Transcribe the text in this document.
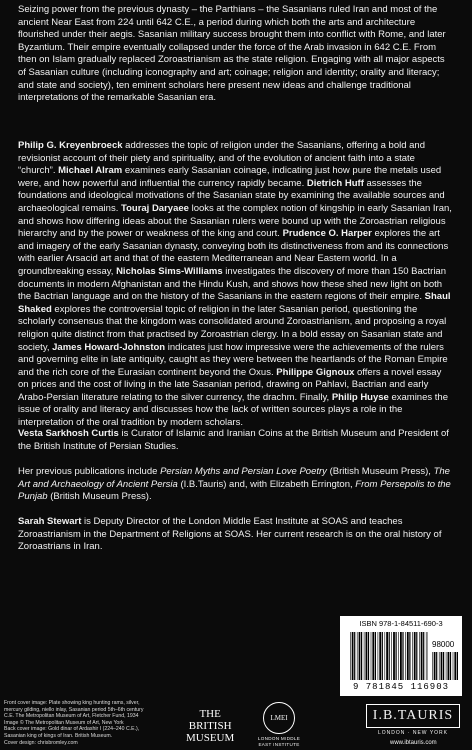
Seizing power from the previous dynasty – the Parthians – the Sasanians ruled Iran and most of the ancient Near East from 224 until 642 C.E., a period during which both the arts and architecture flourished under their aegis. Sasanian military success brought them into conflict with Rome, and later Byzantium. Their empire eventually collapsed under the force of the Arab invasion in 642 C.E. From then on Islam gradually replaced Zoroastrianism as the state religion. Engaging with all major aspects of Sasanian culture (including iconography and art; coinage; religion and identity; orality and literacy; and state and society), ten eminent scholars here present new ideas and challenge traditional interpretations of the remarkable Sasanian era.

Philip G. Kreyenbroeck addresses the topic of religion under the Sasanians, offering a bold and revisionist account of their piety and spirituality, and of the evolution of ancient faith into a state “church”. Michael Alram examines early Sasanian coinage, indicating just how pure the metals used were, and how powerful and influential the currency rapidly became. Dietrich Huff assesses the foundations and ideological motivations of the Sasanian state by examining the available sources and archaeological remains. Touraj Daryaee looks at the complex notion of kingship in early Sasanian Iran, and shows how differing ideas about the Sasanian rulers were bound up with the Zoroastrian religious hierarchy and by the power or weakness of the king and court. Prudence O. Harper explores the art and imagery of the early Sasanian dynasty, conveying both its distinctiveness from and its connections with earlier Arsacid art and that of the eastern Mediterranean and Near Eastern world. In a groundbreaking essay, Nicholas Sims-Williams investigates the discovery of more than 150 Bactrian documents in modern Afghanistan and the Hindu Kush, and shows how these shed new light on both the Bactrian language and on the history of the Sasanians in the eastern regions of their empire. Shaul Shaked explores the controversial topic of religion in the later Sasanian period, questioning the scholarly consensus that the kingdom was consolidated around Zoroastrianism, and proposing a royal religion quite distinct from that practised by Zoroastrian clergy. In a bold essay on Sasanian state and society, James Howard-Johnston indicates just how impressive were the achievements of the rulers and governing elite in late antiquity, caught as they were between the heartlands of the Roman Empire and the rich core of the Eurasian continent beyond the Oxus. Philippe Gignoux offers a novel essay on prices and the cost of living in the late Sasanian period, drawing on Pahlavi, Bactrian and early Arabo-Persian literature relating to the silver currency, the drachm. Finally, Philip Huyse examines the issue of orality and literacy and discusses how the lack of written sources plays a role in the interpretation of the oral tradition by modern scholars.

Vesta Sarkhosh Curtis is Curator of Islamic and Iranian Coins at the British Museum and President of the British Institute of Persian Studies.

Her previous publications include Persian Myths and Persian Love Poetry (British Museum Press), The Art and Archaeology of Ancient Persia (I.B.Tauris) and, with Elizabeth Errington, From Persepolis to the Punjab (British Museum Press).

Sarah Stewart is Deputy Director of the London Middle East Institute at SOAS and teaches Zoroastrianism in the Department of Religions at SOAS. Her current research is on the oral history of Zoroastrians in Iran.

ISBN 978-1-84511-690-3
98000
9 781845 116903
Front cover image: Plate showing king hunting rams, silver, mercury gilding, niello inlay, Sasanian period 5th–6th century C.E. The Metropolitan Museum of Art, Fletcher Fund, 1934 Image © The Metropolitan Museum of Art, New York
Back cover image: Gold dinar of Ardashir I (224–240 C.E.), Sasanian king of kings of Iran. British Museum.
Cover design: chrisbromley.com
THE
BRITISH
MUSEUM
LMEI
LONDON MIDDLE EAST INSTITUTE
I.B.TAURIS
LONDON · NEW YORK
www.ibtauris.com
